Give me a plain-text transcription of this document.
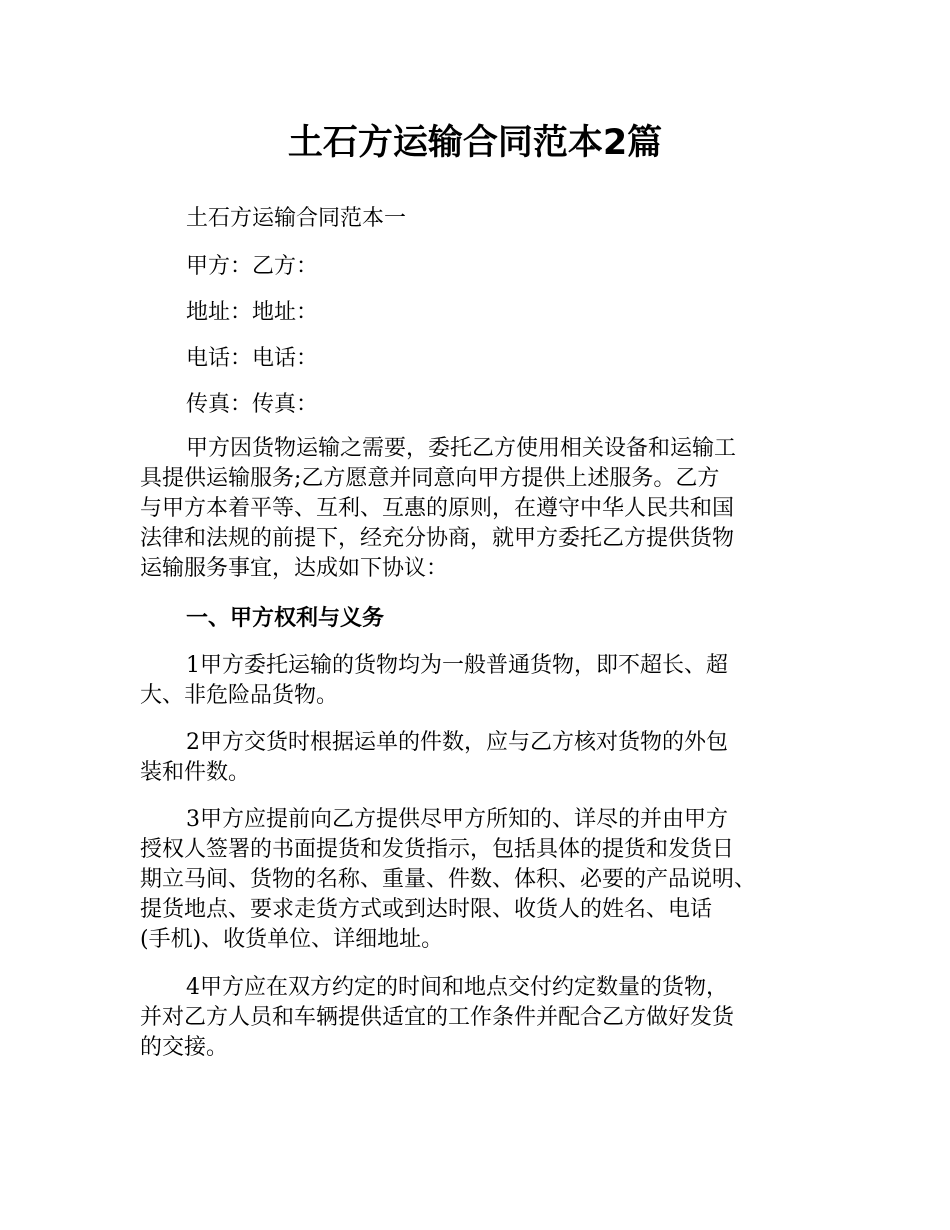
土石方运输合同范本2篇

土石方运输合同范本一

甲方：乙方：

地址：地址：

电话：电话：

传真：传真：

甲方因货物运输之需要，委托乙方使用相关设备和运输工
具提供运输服务;乙方愿意并同意向甲方提供上述服务。乙方
与甲方本着平等、互利、互惠的原则，在遵守中华人民共和国
法律和法规的前提下，经充分协商，就甲方委托乙方提供货物
运输服务事宜，达成如下协议：
一、甲方权利与义务
1甲方委托运输的货物均为一般普通货物，即不超长、超
大、非危险品货物。
2甲方交货时根据运单的件数，应与乙方核对货物的外包
装和件数。
3甲方应提前向乙方提供尽甲方所知的、详尽的并由甲方
授权人签署的书面提货和发货指示，包括具体的提货和发货日
期立马间、货物的名称、重量、件数、体积、必要的产品说明、
提货地点、要求走货方式或到达时限、收货人的姓名、电话
(手机)、收货单位、详细地址。
4甲方应在双方约定的时间和地点交付约定数量的货物，
并对乙方人员和车辆提供适宜的工作条件并配合乙方做好发货
的交接。
